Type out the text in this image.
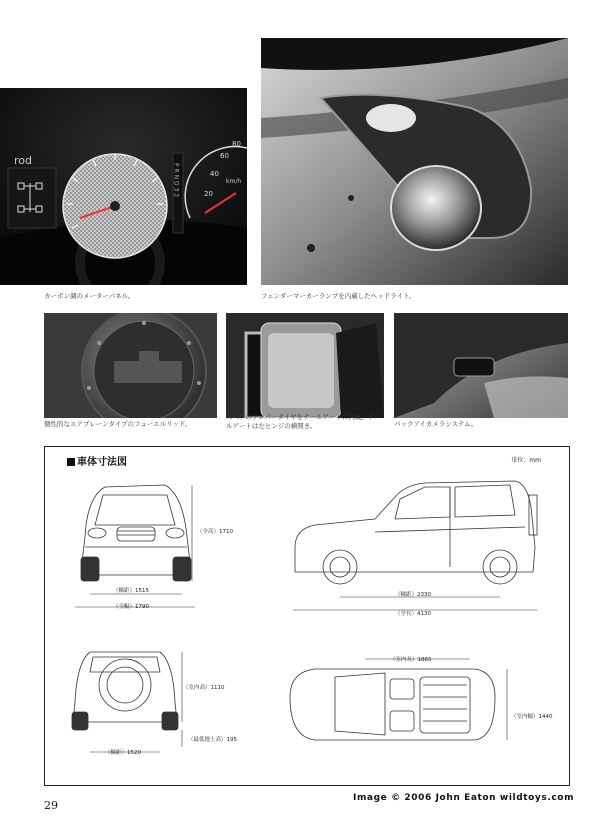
rod
P R N D 3 2	20
40
60
80
km/h
カーボン調のメーターパネル。	フェンダーマーカーランプを内蔵したヘッドライト。
個性的なエアプレーンタイプのフューエルリッド。
スペアのテンパータイヤをテールゲートに内蔵。テールゲートは左ヒンジの横開き。	バックアイカメラシステム。
車体寸法図	単位：mm
（全高）1710
（輪距）1515
（全幅）1790
（軸距）2330
（全長）4130
（室内高）1110
（最低地上高）195
（輪距）1520
（室内長）1865
（室内幅）1440
29
Image © 2006 John Eaton wildtoys.com
